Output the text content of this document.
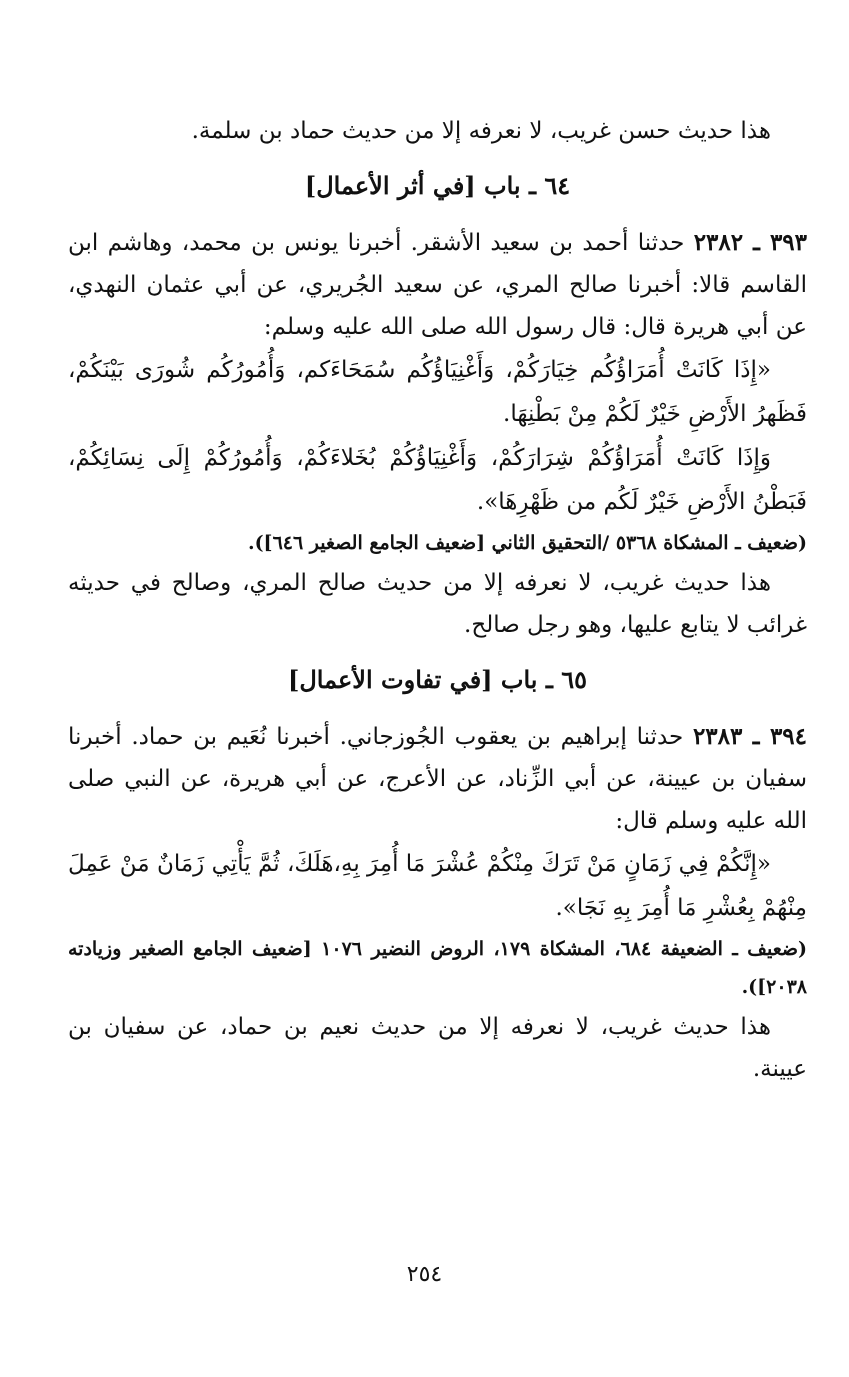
هذا حديث حسن غريب، لا نعرفه إلا من حديث حماد بن سلمة.

٦٤ ـ باب [في أثر الأعمال]

٣٩٣ ـ ٢٣٨٢ حدثنا أحمد بن سعيد الأشقر. أخبرنا يونس بن محمد، وهاشم ابن القاسم قالا: أخبرنا صالح المري، عن سعيد الجُريري، عن أبي عثمان النهدي، عن أبي هريرة قال: قال رسول الله صلى الله عليه وسلم:

«إِذَا كَانَتْ أُمَرَاؤُكُم خِيَارَكُمْ، وَأَغْنِيَاؤُكُم سُمَحَاءَكم، وَأُمُورُكُم شُورَى بَيْنَكُمْ، فَظَهرُ الأَرْضِ خَيْرٌ لَكُمْ مِنْ بَطْنِهَا.

وَإِذَا كَانَتْ أُمَرَاؤُكُمْ شِرَارَكُمْ، وَأَغْنِيَاؤُكُمْ بُخَلاءَكُمْ، وَأُمُورُكُمْ إِلَى نِسَائِكُمْ، فَبَطْنُ الأَرْضِ خَيْرٌ لَكُم من ظَهْرِهَا».

(ضعيف ـ المشكاة ٥٣٦٨ /التحقيق الثاني [ضعيف الجامع الصغير ٦٤٦]).

هذا حديث غريب، لا نعرفه إلا من حديث صالح المري، وصالح في حديثه غرائب لا يتابع عليها، وهو رجل صالح.

٦٥ ـ باب [في تفاوت الأعمال]

٣٩٤ ـ ٢٣٨٣ حدثنا إبراهيم بن يعقوب الجُوزجاني. أخبرنا نُعَيم بن حماد. أخبرنا سفيان بن عيينة، عن أبي الزِّناد، عن الأعرج، عن أبي هريرة، عن النبي صلى الله عليه وسلم قال:

«إِنَّكُمْ فِي زَمَانٍ مَنْ تَرَكَ مِنْكُمْ عُشْرَ مَا أُمِرَ بِهِ،هَلَكَ، ثُمَّ يَأْتِي زَمَانٌ مَنْ عَمِلَ مِنْهُمْ بِعُشْرِ مَا أُمِرَ بِهِ نَجَا».

(ضعيف ـ الضعيفة ٦٨٤، المشكاة ١٧٩، الروض النضير ١٠٧٦ [ضعيف الجامع الصغير وزيادته ٢٠٣٨]).

هذا حديث غريب، لا نعرفه إلا من حديث نعيم بن حماد، عن سفيان بن عيينة.

٢٥٤
